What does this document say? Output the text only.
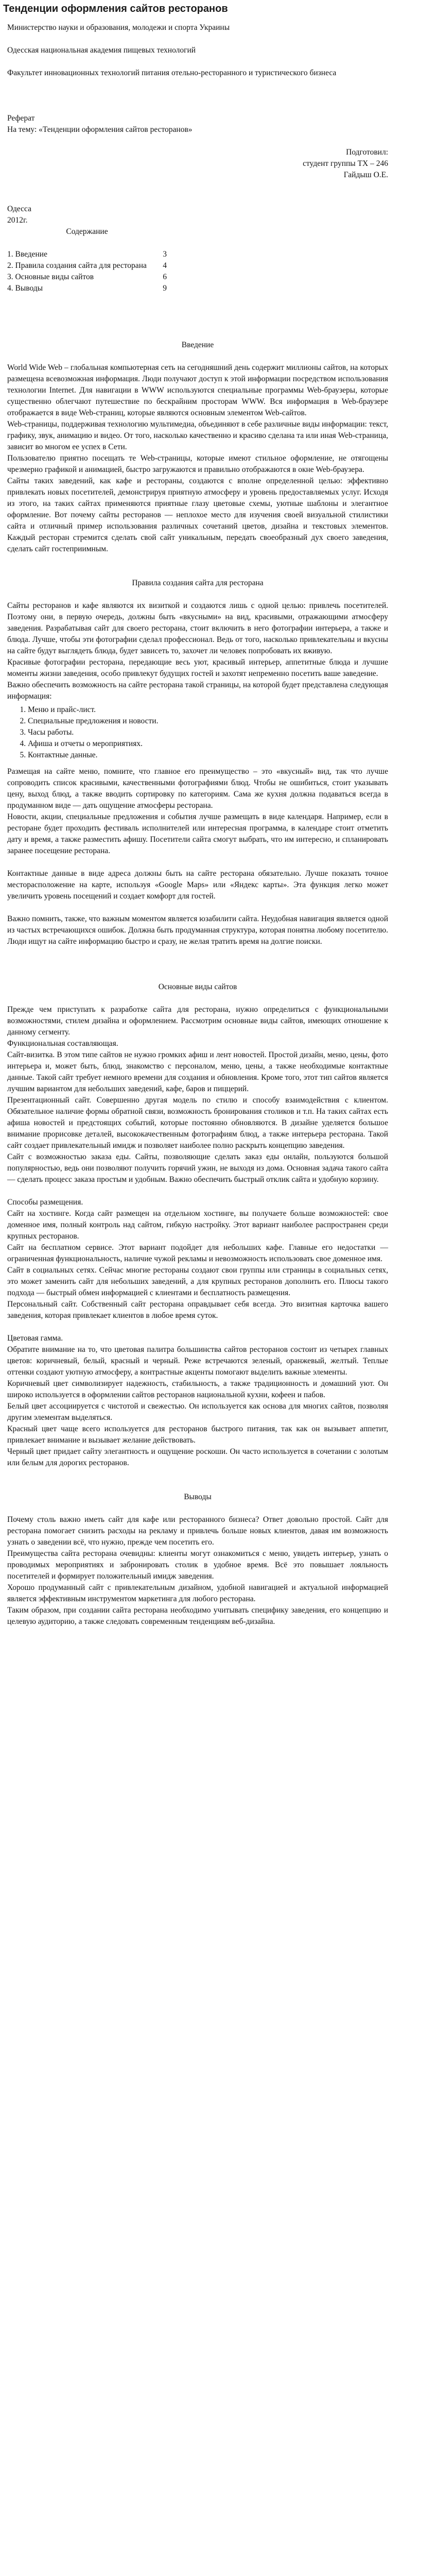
Тенденции оформления сайтов ресторанов

Министерство науки и образования, молодежи и спорта Украины

Одесская национальная академия пищевых технологий

Факультет инновационных технологий питания отельно-ресторанного и туристического бизнеса

Реферат

На тему: «Тенденции оформления сайтов ресторанов»

Подготовил:

студент группы ТХ – 246

Гайдыш О.Е.

Одесса

2012г.

Содержание

1. Введение	3
2. Правила создания сайта для ресторана 4
3. Основные виды сайтов	6
4. Выводы	9

Введение

World Wide Web – глобальная компьютерная сеть на сегодняшний день содержит миллионы сайтов, на которых размещена всевозможная информация. Люди получают доступ к этой информации посредством использования технологии Internet. Для навигации в WWW используются специальные программы Web-браузеры, которые существенно облегчают путешествие по бескрайним просторам WWW. Вся информация в Web-браузере отображается в виде Web-страниц, которые являются основным элементом Web-сайтов.

Web-страницы, поддерживая технологию мультимедиа, объединяют в себе различные виды информации: текст, графику, звук, анимацию и видео. От того, насколько качественно и красиво сделана та или иная Web-страница, зависит во многом ее успех в Сети.

Пользователю приятно посещать те Web-страницы, которые имеют стильное оформление, не отягощены чрезмерно графикой и анимацией, быстро загружаются и правильно отображаются в окне Web-браузера.

Сайты таких заведений, как кафе и рестораны, создаются с вполне определенной целью: эффективно привлекать новых посетителей, демонстрируя приятную атмосферу и уровень предоставляемых услуг. Исходя из этого, на таких сайтах применяются приятные глазу цветовые схемы, уютные шаблоны и элегантное оформление. Вот почему сайты ресторанов — неплохое место для изучения своей визуальной стилистики сайта и отличный пример использования различных сочетаний цветов, дизайна и текстовых элементов. Каждый ресторан стремится сделать свой сайт уникальным, передать своеобразный дух своего заведения, сделать сайт гостеприимным.

Правила создания сайта для ресторана

Сайты ресторанов и кафе являются их визиткой и создаются лишь с одной целью: привлечь посетителей. Поэтому они, в первую очередь, должны быть «вкусными» на вид, красивыми, отражающими атмосферу заведения. Разрабатывая сайт для своего ресторана, стоит включить в него фотографии интерьера, а также и блюда. Лучше, чтобы эти фотографии сделал профессионал. Ведь от того, насколько привлекательны и вкусны на сайте будут выглядеть блюда, будет зависеть то, захочет ли человек попробовать их вживую.

Красивые фотографии ресторана, передающие весь уют, красивый интерьер, аппетитные блюда и лучшие моменты жизни заведения, особо привлекут будущих гостей и захотят непременно посетить ваше заведение.

Важно обеспечить возможность на сайте ресторана такой страницы, на которой будет представлена следующая информация:

1. Меню и прайс-лист.
2. Специальные предложения и новости.
3. Часы работы.
4. Афиша и отчеты о мероприятиях.
5. Контактные данные.

Размещая на сайте меню, помните, что главное его преимущество – это «вкусный» вид, так что лучше сопроводить список красивыми, качественными фотографиями блюд. Чтобы не ошибиться, стоит указывать цену, выход блюд, а также вводить сортировку по категориям. Сама же кухня должна подаваться всегда в продуманном виде — дать ощущение атмосферы ресторана.

Новости, акции, специальные предложения и события лучше размещать в виде календаря. Например, если в ресторане будет проходить фестиваль исполнителей или интересная программа, в календаре стоит отметить дату и время, а также разместить афишу. Посетители сайта смогут выбрать, что им интересно, и спланировать заранее посещение ресторана.

Контактные данные в виде адреса должны быть на сайте ресторана обязательно. Лучше показать точное месторасположение на карте, используя «Google Maps» или «Яндекс карты». Эта функция легко может увеличить уровень посещений и создает комфорт для гостей.

Важно помнить, также, что важным моментом является юзабилити сайта. Неудобная навигация является одной из частых встречающихся ошибок. Должна быть продуманная структура, которая понятна любому посетителю. Люди ищут на сайте информацию быстро и сразу, не желая тратить время на долгие поиски.

Основные виды сайтов

Прежде чем приступать к разработке сайта для ресторана, нужно определиться с функциональными возможностями, стилем дизайна и оформлением. Рассмотрим основные виды сайтов, имеющих отношение к данному сегменту.

Функциональная составляющая.

Сайт-визитка. В этом типе сайтов не нужно громких афиш и лент новостей. Простой дизайн, меню, цены, фото интерьера и, может быть, блюд, знакомство с персоналом, меню, цены, а также необходимые контактные данные. Такой сайт требует немного времени для создания и обновления. Кроме того, этот тип сайтов является лучшим вариантом для небольших заведений, кафе, баров и пиццерий.

Презентационный сайт. Совершенно другая модель по стилю и способу взаимодействия с клиентом. Обязательное наличие формы обратной связи, возможность бронирования столиков и т.п. На таких сайтах есть афиша новостей и предстоящих событий, которые постоянно обновляются. В дизайне уделяется большое внимание прорисовке деталей, высококачественным фотографиям блюд, а также интерьера ресторана. Такой сайт создает привлекательный имидж и позволяет наиболее полно раскрыть концепцию заведения.

Сайт с возможностью заказа еды. Сайты, позволяющие сделать заказ еды онлайн, пользуются большой популярностью, ведь они позволяют получить горячий ужин, не выходя из дома. Основная задача такого сайта — сделать процесс заказа простым и удобным. Важно обеспечить быстрый отклик сайта и удобную корзину.

Способы размещения.

Сайт на хостинге. Когда сайт размещен на отдельном хостинге, вы получаете больше возможностей: свое доменное имя, полный контроль над сайтом, гибкую настройку. Этот вариант наиболее распространен среди крупных ресторанов.

Сайт на бесплатном сервисе. Этот вариант подойдет для небольших кафе. Главные его недостатки — ограниченная функциональность, наличие чужой рекламы и невозможность использовать свое доменное имя.

Сайт в социальных сетях. Сейчас многие рестораны создают свои группы или страницы в социальных сетях, это может заменить сайт для небольших заведений, а для крупных ресторанов дополнить его. Плюсы такого подхода — быстрый обмен информацией с клиентами и бесплатность размещения.

Персональный сайт. Собственный сайт ресторана оправдывает себя всегда. Это визитная карточка вашего заведения, которая привлекает клиентов в любое время суток.

Цветовая гамма.

Обратите внимание на то, что цветовая палитра большинства сайтов ресторанов состоит из четырех главных цветов: коричневый, белый, красный и черный. Реже встречаются зеленый, оранжевый, желтый. Теплые оттенки создают уютную атмосферу, а контрастные акценты помогают выделить важные элементы.

Коричневый цвет символизирует надежность, стабильность, а также традиционность и домашний уют. Он широко используется в оформлении сайтов ресторанов национальной кухни, кофеен и пабов.

Белый цвет ассоциируется с чистотой и свежестью. Он используется как основа для многих сайтов, позволяя другим элементам выделяться.

Красный цвет чаще всего используется для ресторанов быстрого питания, так как он вызывает аппетит, привлекает внимание и вызывает желание действовать.

Черный цвет придает сайту элегантность и ощущение роскоши. Он часто используется в сочетании с золотым или белым для дорогих ресторанов.

Выводы

Почему столь важно иметь сайт для кафе или ресторанного бизнеса? Ответ довольно простой. Сайт для ресторана помогает снизить расходы на рекламу и привлечь больше новых клиентов, давая им возможность узнать о заведении всё, что нужно, прежде чем посетить его.

Преимущества сайта ресторана очевидны: клиенты могут ознакомиться с меню, увидеть интерьер, узнать о проводимых мероприятиях и забронировать столик в удобное время. Всё это повышает лояльность посетителей и формирует положительный имидж заведения.

Хорошо продуманный сайт с привлекательным дизайном, удобной навигацией и актуальной информацией является эффективным инструментом маркетинга для любого ресторана.

Таким образом, при создании сайта ресторана необходимо учитывать специфику заведения, его концепцию и целевую аудиторию, а также следовать современным тенденциям веб-дизайна.
